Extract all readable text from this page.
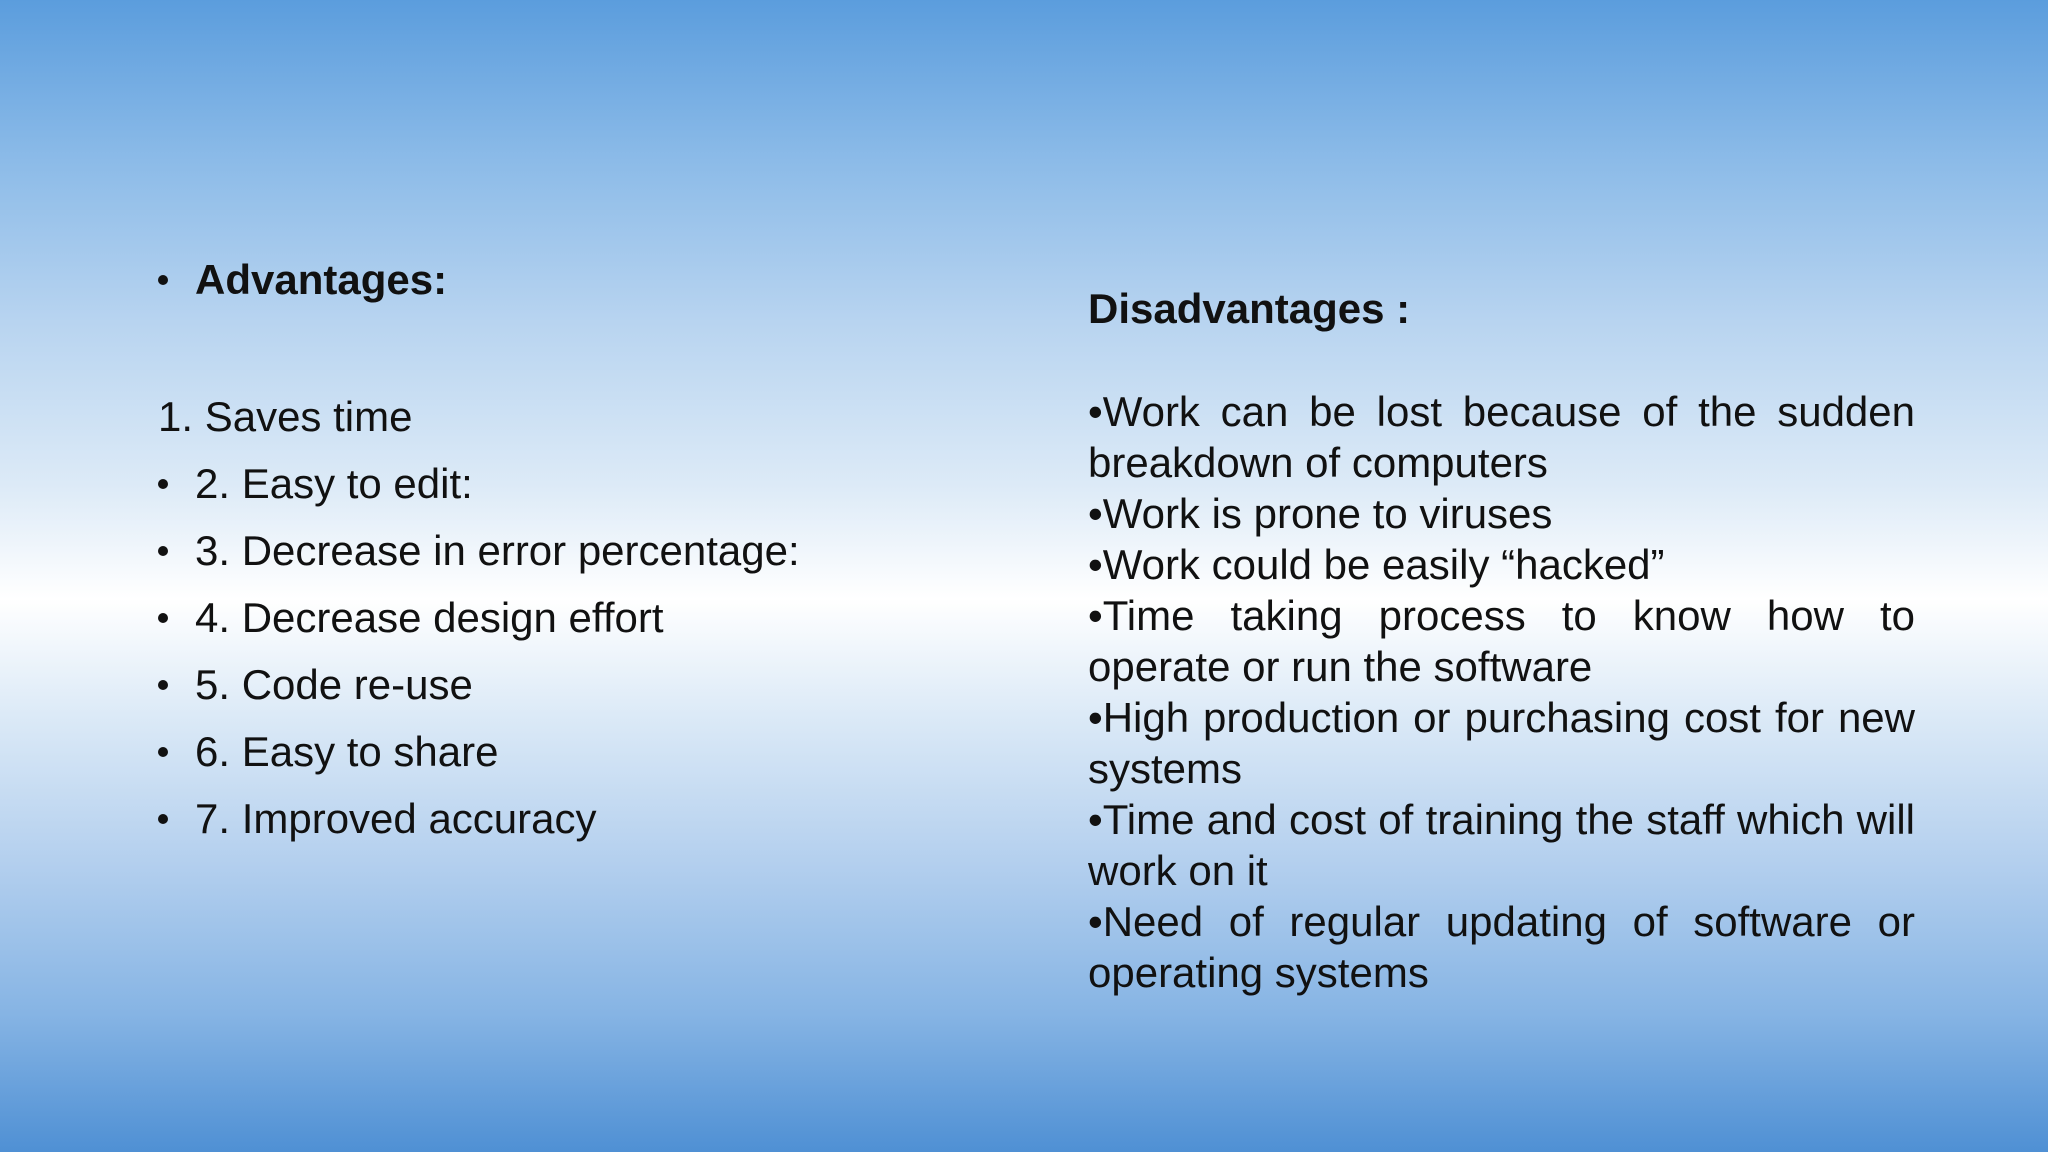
Advantages:
1. Saves time
2. Easy to edit:
3. Decrease in error percentage:
4. Decrease design effort
5. Code re-use
6. Easy to share
7. Improved accuracy
Disadvantages :
•Work can be lost because of the sudden breakdown of computers
•Work is prone to viruses
•Work could be easily “hacked”
•Time taking process to know how to operate or run the software
•High production or purchasing cost for new systems
•Time and cost of training the staff which will work on it
•Need of regular updating of software or operating systems
